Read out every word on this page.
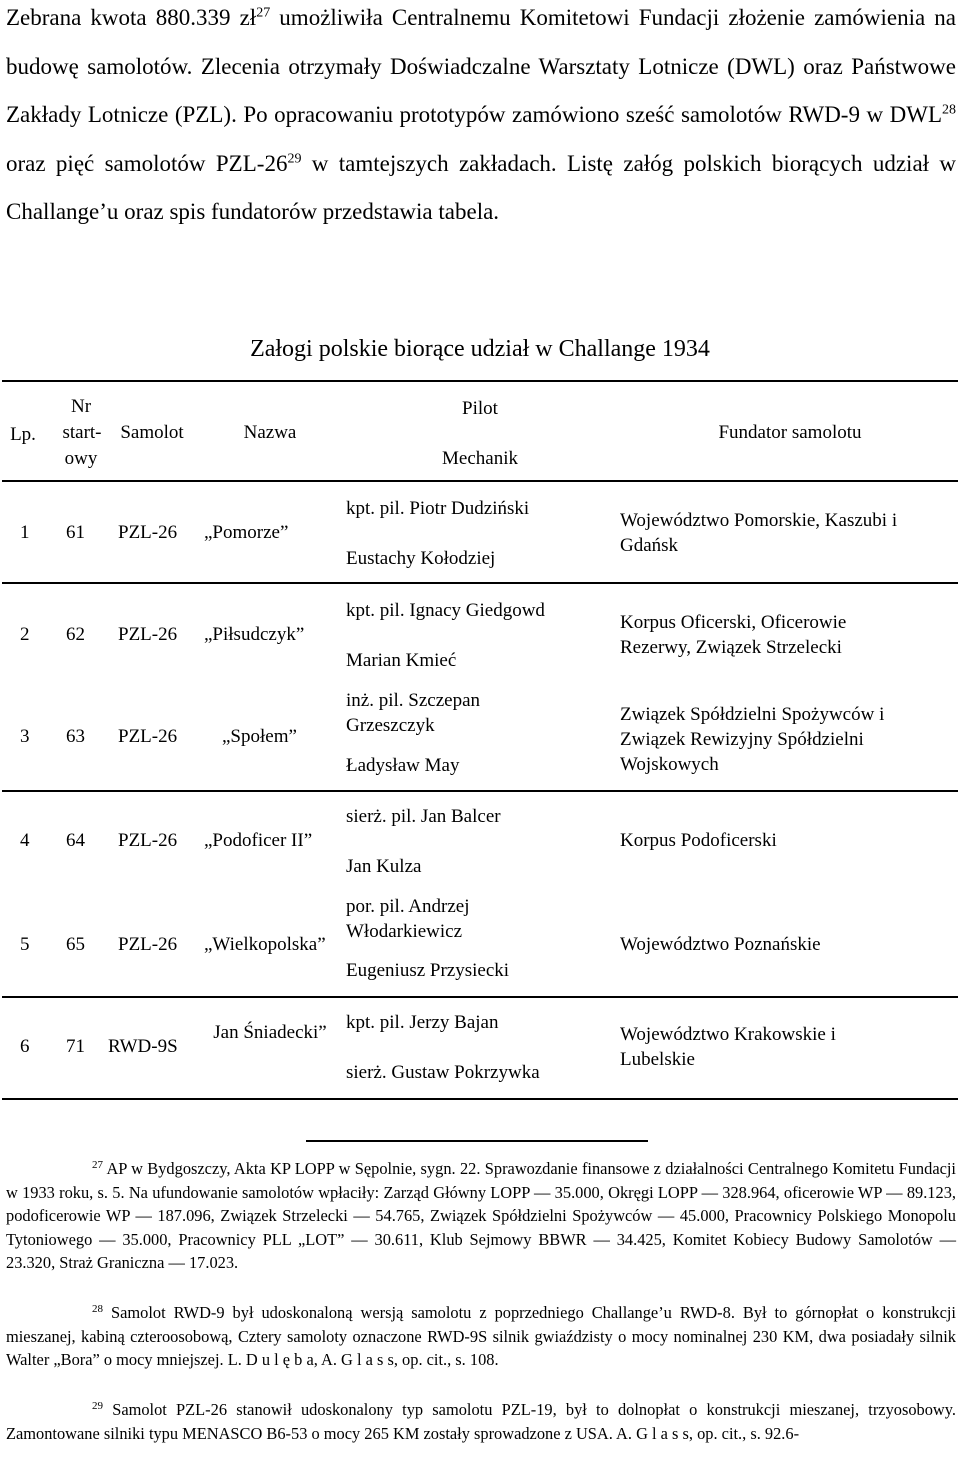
Zebrana kwota 880.339 $zł^{27}$ umożliwiła Centralnemu Komitetowi Fundacji złożenie zamówienia na budowę samolotów. Zlecenia otrzymały Doświadczalne Warsztaty Lotnicze (DWL) oraz Państwowe Zakłady Lotnicze (PZL). Po opracowaniu prototypów zamówiono sześć samolotów RWD-9 w DWL$^{28}$ oraz pięć samolotów PZL-$26^{29}$ w tamtejszych zakładach. Listę załóg polskich biorących udział w Challange’u oraz spis fundatorów przedstawia tabela.

Załogi polskie biorące udział w Challange 1934
Lp.
Nr
start-
owy
Samolot	Nazwa
Pilot
Mechanik
Fundator samolotu
1 61 PZL-26 „Pomorze”
kpt. pil. Piotr Dudziński
Eustachy Kołodziej
Województwo Pomorskie, Kaszubi i Gdańsk
2 62 PZL-26 „Piłsudczyk”
kpt. pil. Ignacy Giedgowd
Marian Kmieć
Korpus Oficerski, Oficerowie Rezerwy, Związek Strzelecki
3 63 PZL-26 „Społem”
inż. pil. Szczepan Grzeszczyk
Ładysław May
Związek Spółdzielni Spożywców i Związek Rewizyjny Spółdzielni Wojskowych
4 64 PZL-26 „Podoficer II”
sierż. pil. Jan Balcer
Jan Kulza
Korpus Podoficerski
5 65 PZL-26 „Wielkopolska”
por. pil. Andrzej Włodarkiewicz
Eugeniusz Przysiecki
Województwo Poznańskie
6 71 RWD-9S
Jan Śniadecki” kpt. pil. Jerzy Bajan
sierż. Gustaw Pokrzywka
Województwo Krakowskie i Lubelskie

$^{27}$ AP w Bydgoszczy, Akta KP LOPP w Sępolnie, sygn. 22. Sprawozdanie finansowe z działalności Centralnego Komitetu Fundacji w 1933 roku, s. 5. Na ufundowanie samolotów wpłaciły: Zarząd Główny LOPP — 35.000, Okręgi LOPP — 328.964, oficerowie WP — 89.123, podoficerowie WP — 187.096, Związek Strzelecki — 54.765, Związek Spółdzielni Spożywców — 45.000, Pracownicy Polskiego Monopolu Tytoniowego — 35.000, Pracownicy PLL „LOT” — 30.611, Klub Sejmowy BBWR — 34.425, Komitet Kobiecy Budowy Samolotów — 23.320, Straż Graniczna — 17.023.

$^{28}$ Samolot RWD-9 był udoskonaloną wersją samolotu z poprzedniego Challange’u RWD-8. Był to górnopłat o konstrukcji mieszanej, kabiną czteroosobową, Cztery samoloty oznaczone RWD-9S silnik gwiaździsty o mocy nominalnej 230 KM, dwa posiadały silnik Walter „Bora” o mocy mniejszej. L. D u l ę b a, A. G l a s s, op. cit., s. 108.

$^{29}$ Samolot PZL-26 stanowił udoskonalony typ samolotu PZL-19, był to dolnopłat o konstrukcji mieszanej, trzyosobowy. Zamontowane silniki typu MENASCO B6-53 o mocy 265 KM zostały sprowadzone z USA. A. G l a s s, op. cit., s. 92.6-
